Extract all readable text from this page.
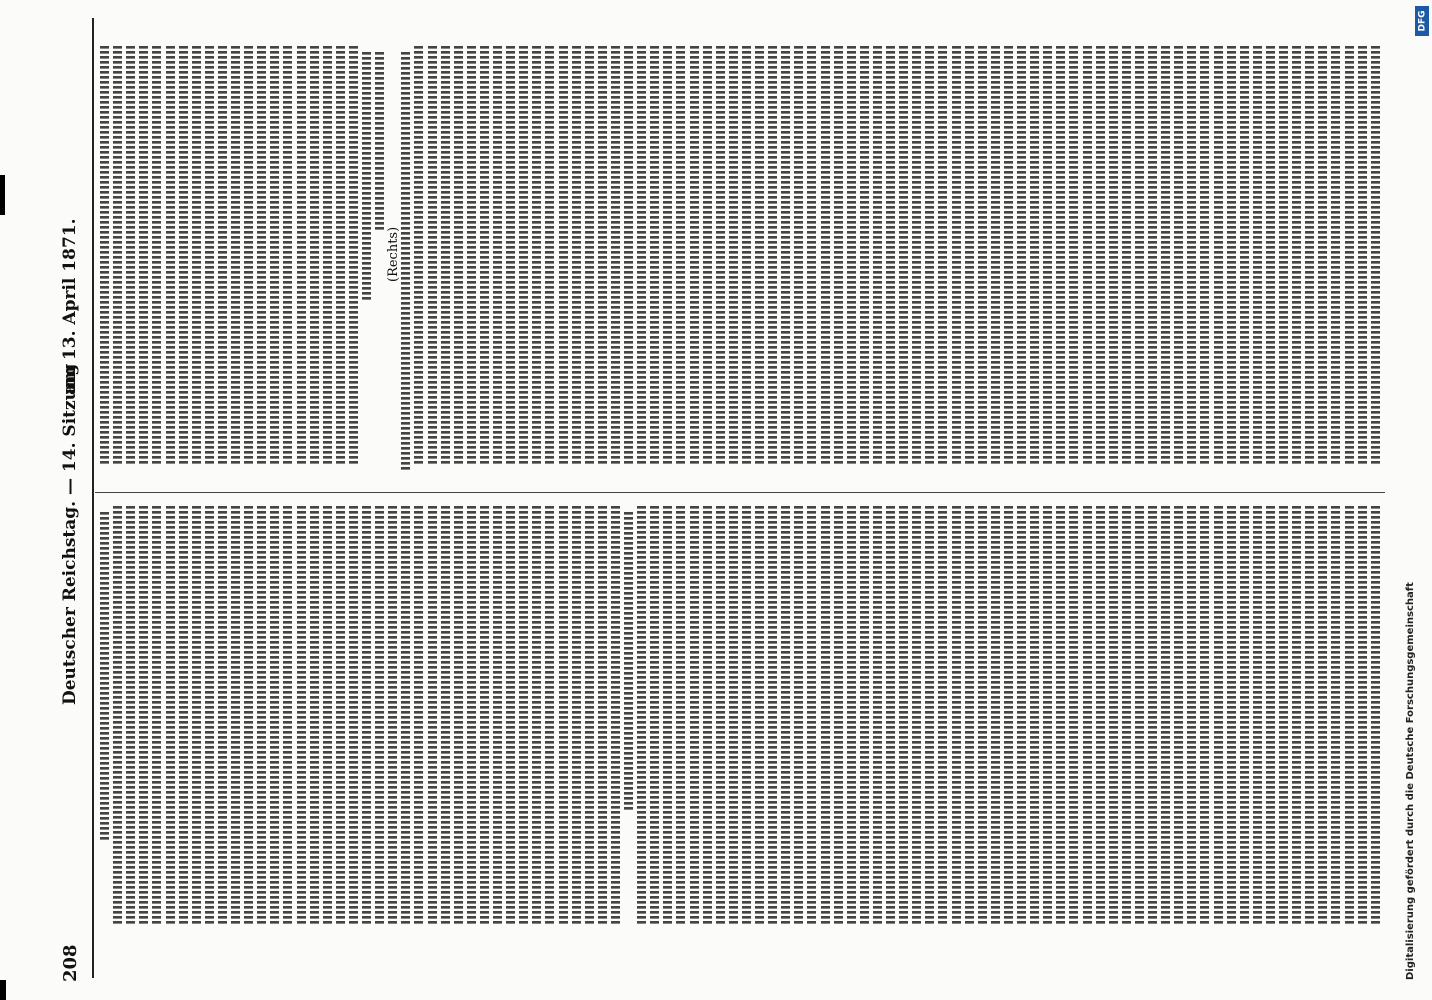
208
Deutscher Reichstag. — 14. Sitzung
am 13. April 1871.	(Rechts)
DFG
Digitalisierung gefördert durch die Deutsche Forschungsgemeinschaft
